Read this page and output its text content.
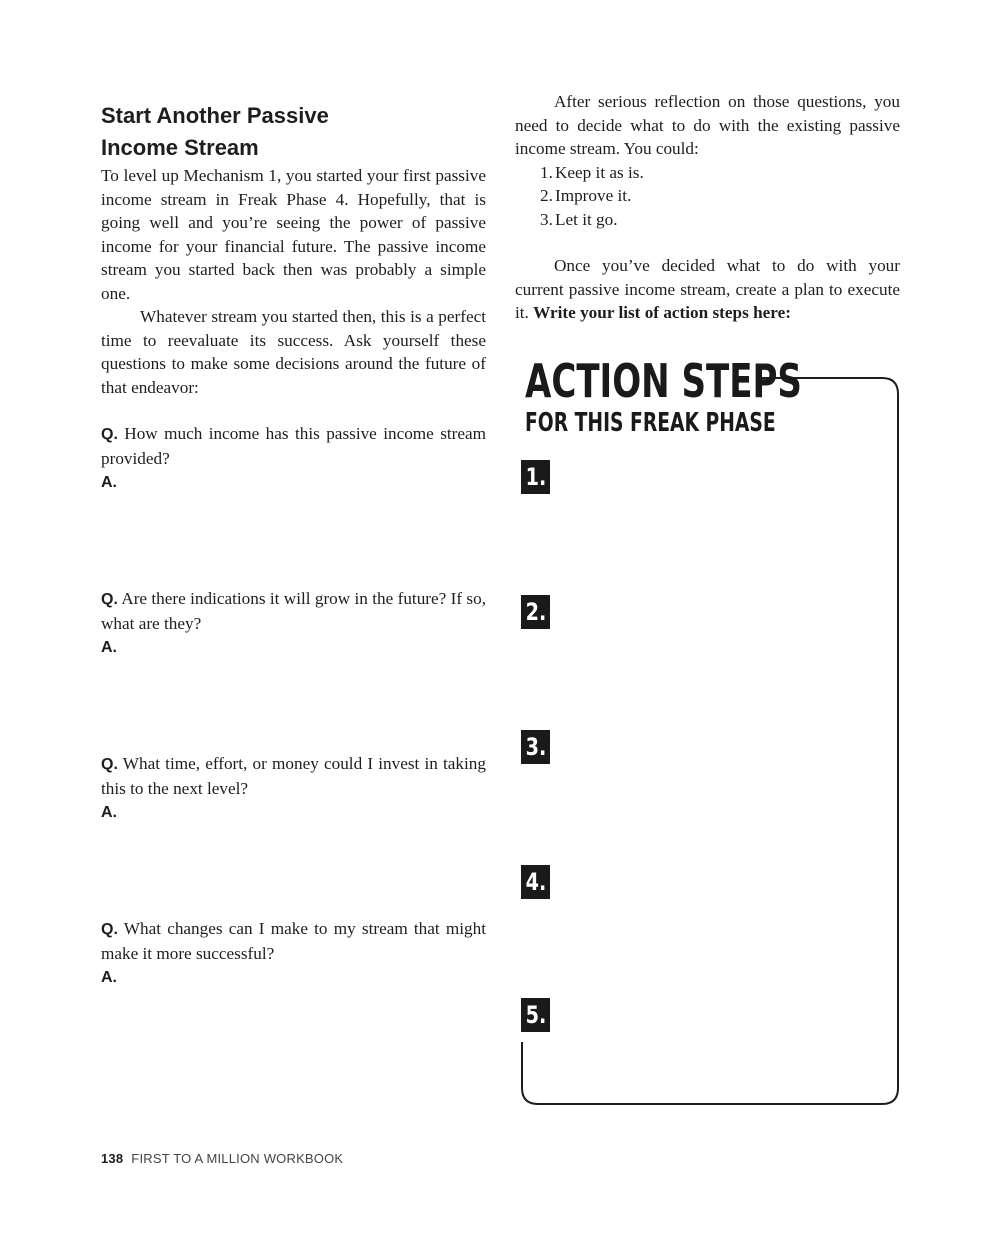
Start Another Passive
Income Stream

To level up Mechanism 1, you started your first passive income stream in Freak Phase 4. Hopefully, that is going well and you’re seeing the power of passive income for your financial future. The passive income stream you started back then was probably a simple one.

Whatever stream you started then, this is a perfect time to reevaluate its success. Ask yourself these questions to make some decisions around the future of that endeavor:

Q. How much income has this passive income stream provided?

A.

Q. Are there indications it will grow in the future? If so, what are they?

A.

Q. What time, effort, or money could I invest in taking this to the next level?

A.

Q. What changes can I make to my stream that might make it more successful?

A.

After serious reflection on those questions, you need to decide what to do with the existing passive income stream. You could:

1. Keep it as is.
2. Improve it.
3. Let it go.

Once you’ve decided what to do with your current passive income stream, create a plan to execute it. Write your list of action steps here:

ACTION STEPS
FOR THIS FREAK PHASE
1.
2.
3.
4.
5.
138 FIRST TO A MILLION WORKBOOK
